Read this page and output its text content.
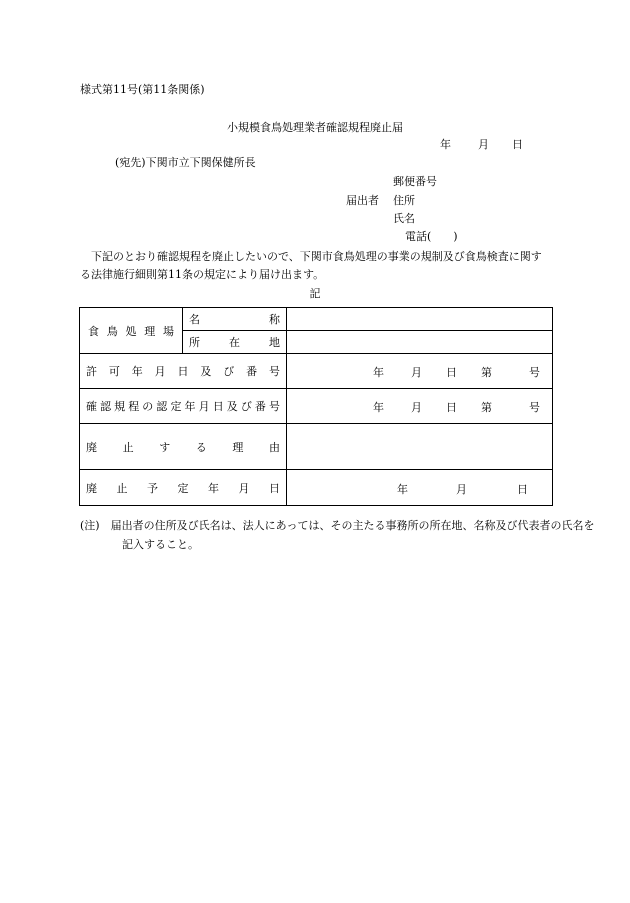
様式第11号(第11条関係)
小規模食鳥処理業者確認規程廃止届
年 月 日
(宛先)下関市立下関保健所長
郵便番号
届出者 住所
氏名
電話(　　)
下記のとおり確認規程を廃止したいので、下関市食鳥処理の事業の規制及び食鳥検査に関する法律施行細則第11条の規定により届け出ます。
記
食鳥処理場	名称	
	所在地	
許可年月日及び番号		年 月 日 第 号

確認規程の認定年月日及び番号		年 月 日 第 号

廃止する理由		
廃止予定年月日		年 月 日
(注)　届出者の住所及び氏名は、法人にあっては、その主たる事務所の所在地、名称及び代表者の氏名を記入すること。
